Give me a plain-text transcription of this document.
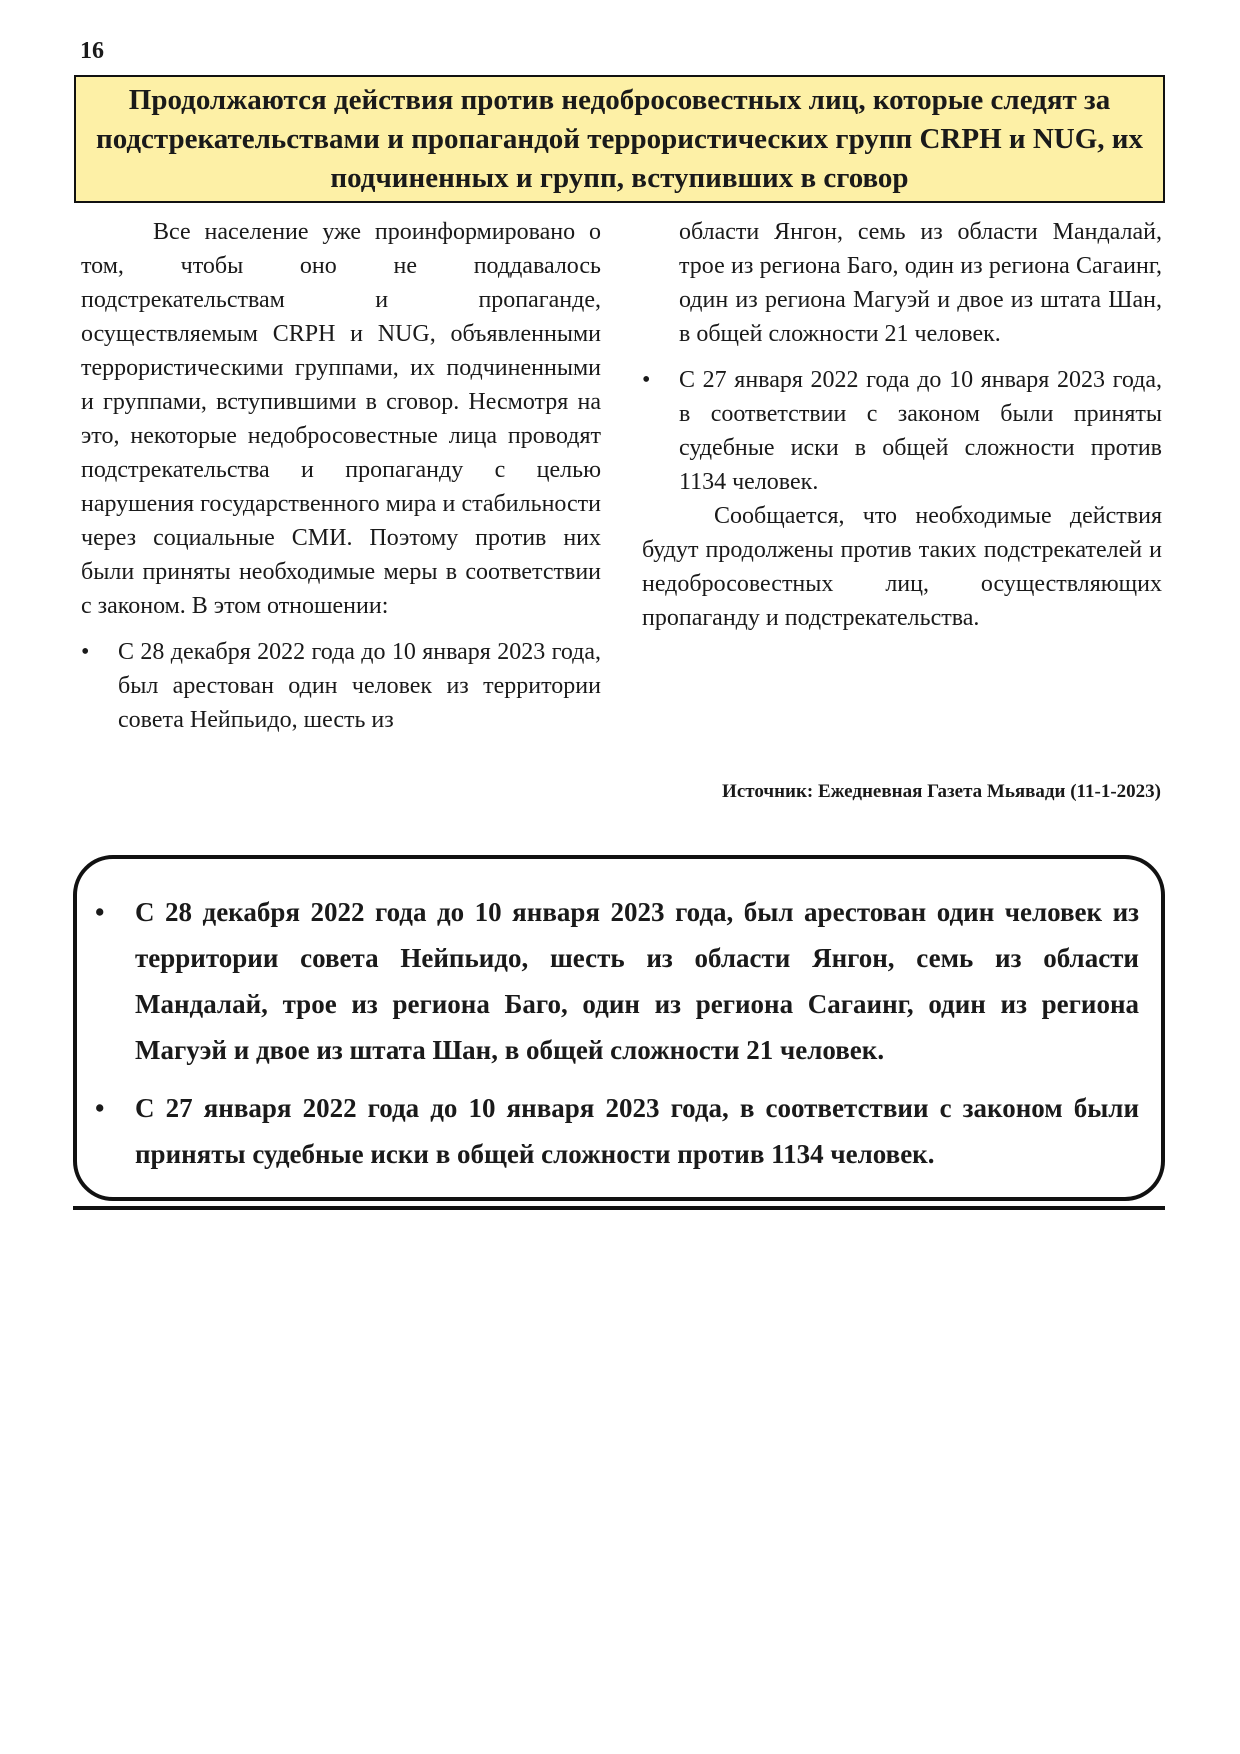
16
Продолжаются действия против недобросовестных лиц, которые следят за подстрекательствами и пропагандой террористических групп CRPH и NUG, их подчиненных и групп, вступивших в сговор

Все население уже проинформировано о том, чтобы оно не поддавалось подстрекательствам и пропаганде, осуществляемым CRPH и NUG, объявленными террористическими группами, их подчиненными и группами, вступившими в сговор. Несмотря на это, некоторые недобросовестные лица проводят подстрекательства и пропаганду с целью нарушения государственного мира и стабильности через социальные СМИ. Поэтому против них были приняты необходимые меры в соответствии с законом. В этом отношении:

• С 28 декабря 2022 года до 10 января 2023 года, был арестован один человек из территории совета Нейпьидо, шесть из

области Янгон, семь из области Мандалай, трое из региона Баго, один из региона Сагаинг, один из региона Магуэй и двое из штата Шан, в общей сложности 21 человек.

• С 27 января 2022 года до 10 января 2023 года, в соответствии с законом были приняты судебные иски в общей сложности против 1134 человек.

Сообщается, что необходимые действия будут продолжены против таких подстрекателей и недобросовестных лиц, осуществляющих пропаганду и подстрекательства.

Источник: Ежедневная Газета Мьявади (11-1-2023)
• С 28 декабря 2022 года до 10 января 2023 года, был арестован один человек из территории совета Нейпьидо, шесть из области Янгон, семь из области Мандалай, трое из региона Баго, один из региона Сагаинг, один из региона Магуэй и двое из штата Шан, в общей сложности 21 человек.
• С 27 января 2022 года до 10 января 2023 года, в соответствии с законом были приняты судебные иски в общей сложности против 1134 человек.
